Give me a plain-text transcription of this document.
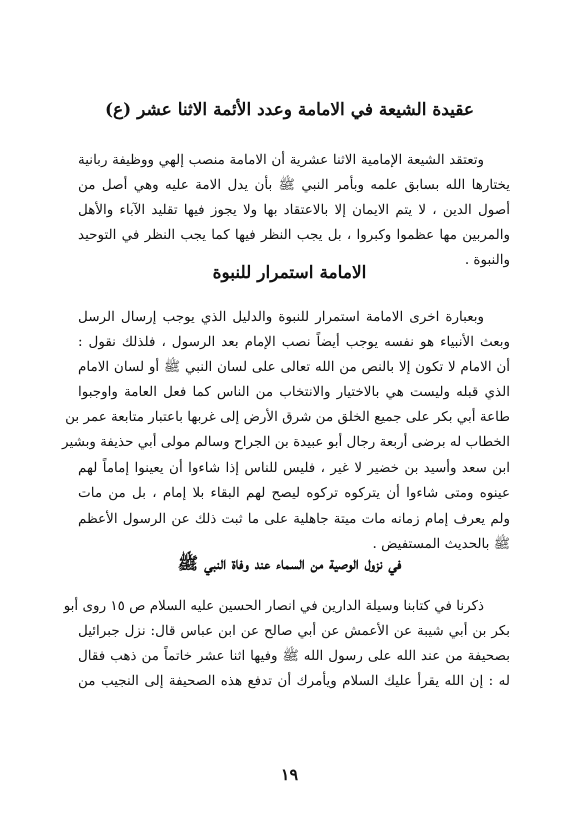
عقيدة الشيعة في الامامة وعدد الأئمة الاثنا عشر (ع)
وتعتقد الشيعة الإمامية الاثنا عشرية أن الامامة منصب إلهي ووظيفة ربانية
يختارها الله بسابق علمه وبأمر النبي ﷺ بأن يدل الامة عليه وهي أصل من
أصول الدين ، لا يتم الايمان إلا بالاعتقاد بها ولا يجوز فيها تقليد الآباء والأهل
والمربين مها عظموا وكبروا ، بل يجب النظر فيها كما يجب النظر في التوحيد
والنبوة .
الامامة استمرار للنبوة
وبعبارة اخرى الامامة استمرار للنبوة والدليل الذي يوجب إرسال الرسل
وبعث الأنبياء هو نفسه يوجب أيضاً نصب الإمام بعد الرسول ، فلذلك نقول :
أن الامام لا تكون إلا بالنص من الله تعالى على لسان النبي ﷺ أو لسان الامام
الذي قبله وليست هي بالاختيار والانتخاب من الناس كما فعل العامة واوجبوا
طاعة أبي بكر على جميع الخلق من شرق الأرض إلى غربها باعتبار متابعة عمر بن
الخطاب له برضى أربعة رجال أبو عبيدة بن الجراح وسالم مولى أبي حذيفة وبشير
ابن سعد وأسيد بن خضير لا غير ، فليس للناس إذا شاءوا أن يعينوا إماماً لهم
عينوه ومتى شاءوا أن يتركوه تركوه ليصح لهم البقاء بلا إمام ، بل من مات
ولم يعرف إمام زمانه مات ميتة جاهلية على ما ثبت ذلك عن الرسول الأعظم
ﷺ بالحديث المستفيض .
في نزول الوصية من السماء عند وفاة النبي ﷺ
ذكرنا في كتابنا وسيلة الدارين في انصار الحسين عليه السلام ص ١٥ روى أبو
بكر بن أبي شيبة عن الأعمش عن أبي صالح عن ابن عباس قال: نزل جبرائيل
بصحيفة من عند الله على رسول الله ﷺ وفيها اثنا عشر خاتماً من ذهب فقال
له : إن الله يقرأ عليك السلام ويأمرك أن تدفع هذه الصحيفة إلى النجيب من

١٩
